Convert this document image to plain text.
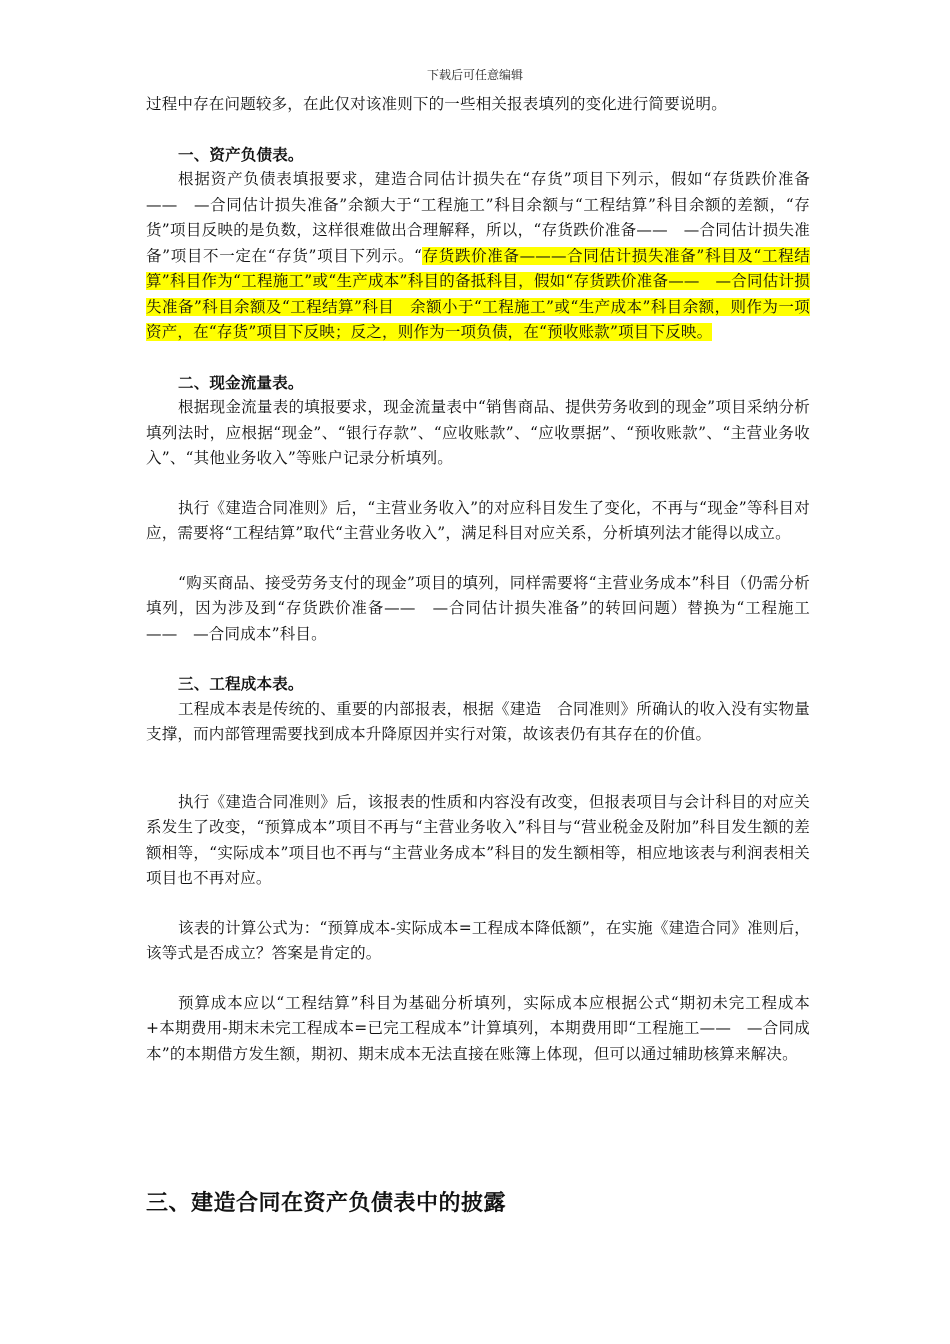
下载后可任意编辑

过程中存在问题较多，在此仅对该准则下的一些相关报表填列的变化进行简要说明。

一、资产负债表。

根据资产负债表填报要求，建造合同估计损失在“存货”项目下列示，假如“存货跌价准备——　—合同估计损失准备”余额大于“工程施工”科目余额与“工程结算”科目余额的差额，“存货”项目反映的是负数，这样很难做出合理解释，所以，“存货跌价准备——　—合同估计损失准备”项目不一定在“存货”项目下列示。“存货跌价准备———合同估计损失准备”科目及“工程结算”科目作为“工程施工”或“生产成本”科目的备抵科目，假如“存货跌价准备——　—合同估计损失准备”科目余额及“工程结算”科目　余额小于“工程施工”或“生产成本”科目余额，则作为一项资产，在“存货”项目下反映；反之，则作为一项负债，在“预收账款”项目下反映。

二、现金流量表。

根据现金流量表的填报要求，现金流量表中“销售商品、提供劳务收到的现金”项目采纳分析填列法时，应根据“现金”、“银行存款”、“应收账款”、“应收票据”、“预收账款”、“主营业务收入”、“其他业务收入”等账户记录分析填列。

执行《建造合同准则》后，“主营业务收入”的对应科目发生了变化，不再与“现金”等科目对应，需要将“工程结算”取代“主营业务收入”，满足科目对应关系，分析填列法才能得以成立。

“购买商品、接受劳务支付的现金”项目的填列，同样需要将“主营业务成本”科目（仍需分析填列，因为涉及到“存货跌价准备——　—合同估计损失准备”的转回问题）替换为“工程施工——　—合同成本”科目。

三、工程成本表。

工程成本表是传统的、重要的内部报表，根据《建造　合同准则》所确认的收入没有实物量支撑，而内部管理需要找到成本升降原因并实行对策，故该表仍有其存在的价值。

执行《建造合同准则》后，该报表的性质和内容没有改变，但报表项目与会计科目的对应关系发生了改变，“预算成本”项目不再与“主营业务收入”科目与“营业税金及附加”科目发生额的差额相等，“实际成本”项目也不再与“主营业务成本”科目的发生额相等，相应地该表与利润表相关项目也不再对应。

该表的计算公式为：“预算成本-实际成本=工程成本降低额”，在实施《建造合同》准则后，该等式是否成立？答案是肯定的。

预算成本应以“工程结算”科目为基础分析填列，实际成本应根据公式“期初未完工程成本+本期费用-期末未完工程成本=已完工程成本”计算填列，本期费用即“工程施工——　—合同成本”的本期借方发生额，期初、期末成本无法直接在账簿上体现，但可以通过辅助核算来解决。

三、建造合同在资产负债表中的披露
